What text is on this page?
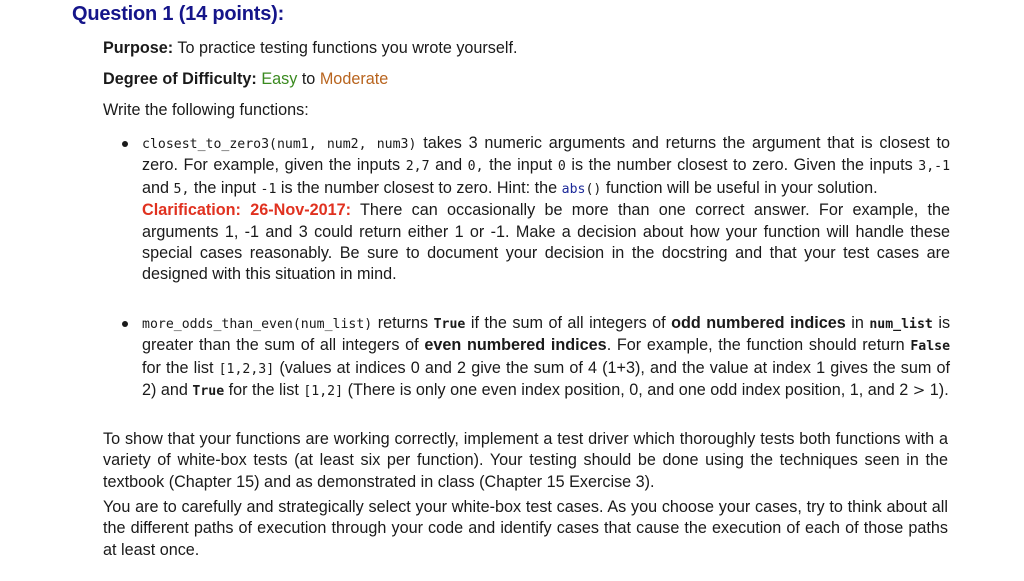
Question 1 (14 points):
Purpose: To practice testing functions you wrote yourself.
Degree of Difficulty: Easy to Moderate
Write the following functions:
closest_to_zero3(num1, num2, num3) takes 3 numeric arguments and returns the argument that is closest to zero. For example, given the inputs 2,7 and 0, the input 0 is the number closest to zero. Given the inputs 3,-1 and 5, the input -1 is the number closest to zero. Hint: the abs() function will be useful in your solution.
Clarification: 26-Nov-2017: There can occasionally be more than one correct answer. For example, the arguments 1, -1 and 3 could return either 1 or -1. Make a decision about how your function will handle these special cases reasonably. Be sure to document your decision in the docstring and that your test cases are designed with this situation in mind.
more_odds_than_even(num_list) returns True if the sum of all integers of odd numbered indices in num_list is greater than the sum of all integers of even numbered indices. For example, the function should return False for the list [1,2,3] (values at indices 0 and 2 give the sum of 4 (1+3), and the value at index 1 gives the sum of 2) and True for the list [1,2] (There is only one even index position, 0, and one odd index position, 1, and 2 > 1).

To show that your functions are working correctly, implement a test driver which thoroughly tests both functions with a variety of white-box tests (at least six per function). Your testing should be done using the techniques seen in the textbook (Chapter 15) and as demonstrated in class (Chapter 15 Exercise 3).

You are to carefully and strategically select your white-box test cases. As you choose your cases, try to think about all the different paths of execution through your code and identify cases that cause the execution of each of those paths at least once.
